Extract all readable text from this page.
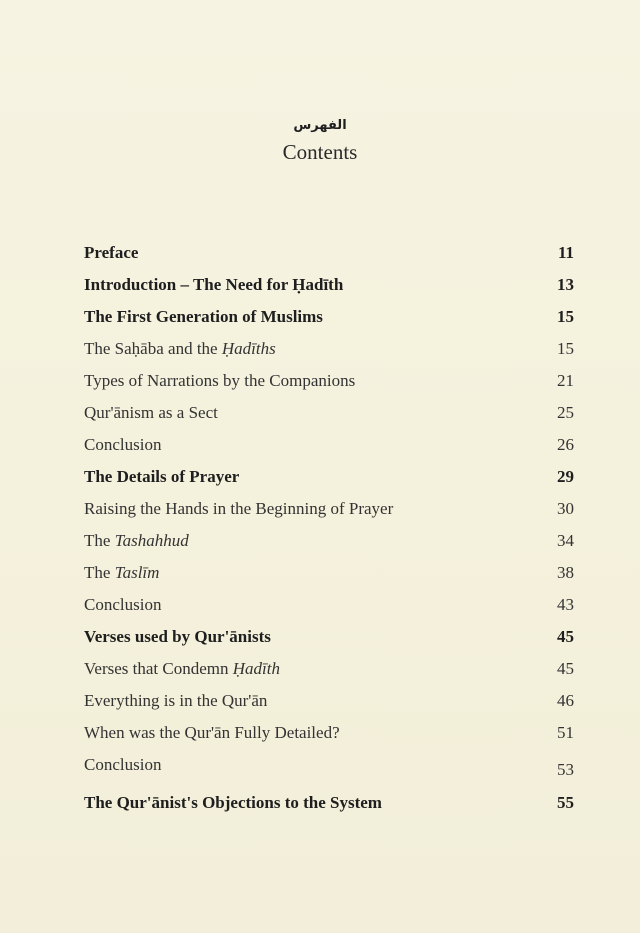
الفهرس
Contents
Preface	11
Introduction – The Need for Ḥadīth	13
The First Generation of Muslims	15
The Saḥāba and the Ḥadīths	15
Types of Narrations by the Companions	21
Qur'ānism as a Sect	25
Conclusion	26
The Details of Prayer	29
Raising the Hands in the Beginning of Prayer	30
The Tashahhud	34
The Taslīm	38
Conclusion	43
Verses used by Qur'ānists	45
Verses that Condemn Ḥadīth	45
Everything is in the Qur'ān	46
When was the Qur'ān Fully Detailed?	51
Conclusion	53
The Qur'ānist's Objections to the System	55
